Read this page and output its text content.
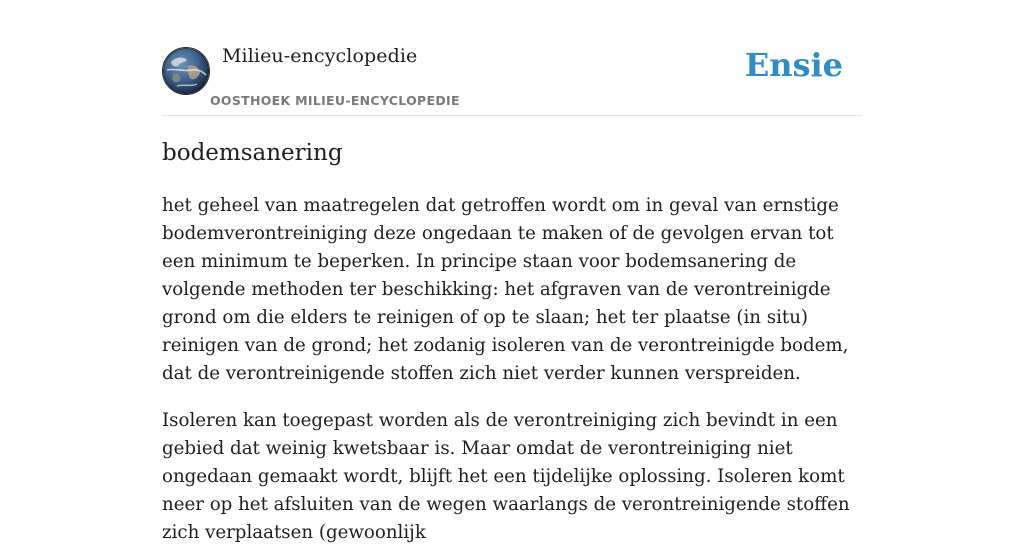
Milieu-encyclopedie
OOSTHOEK MILIEU-ENCYCLOPEDIE
Ensie
bodemsanering

het geheel van maatregelen dat getroffen wordt om in geval van ernstige bodemverontreiniging deze ongedaan te maken of de gevolgen ervan tot een minimum te beperken. In principe staan voor bodemsanering de volgende methoden ter beschikking: het afgraven van de verontreinigde grond om die elders te reinigen of op te slaan; het ter plaatse (in situ) reinigen van de grond; het zodanig isoleren van de verontreinigde bodem, dat de verontreinigende stoffen zich niet verder kunnen verspreiden.

Isoleren kan toegepast worden als de verontreiniging zich bevindt in een gebied dat weinig kwetsbaar is. Maar omdat de verontreiniging niet ongedaan gemaakt wordt, blijft het een tijdelijke oplossing. Isoleren komt neer op het afsluiten van de wegen waarlangs de verontreinigende stoffen zich verplaatsen (gewoonlijk
